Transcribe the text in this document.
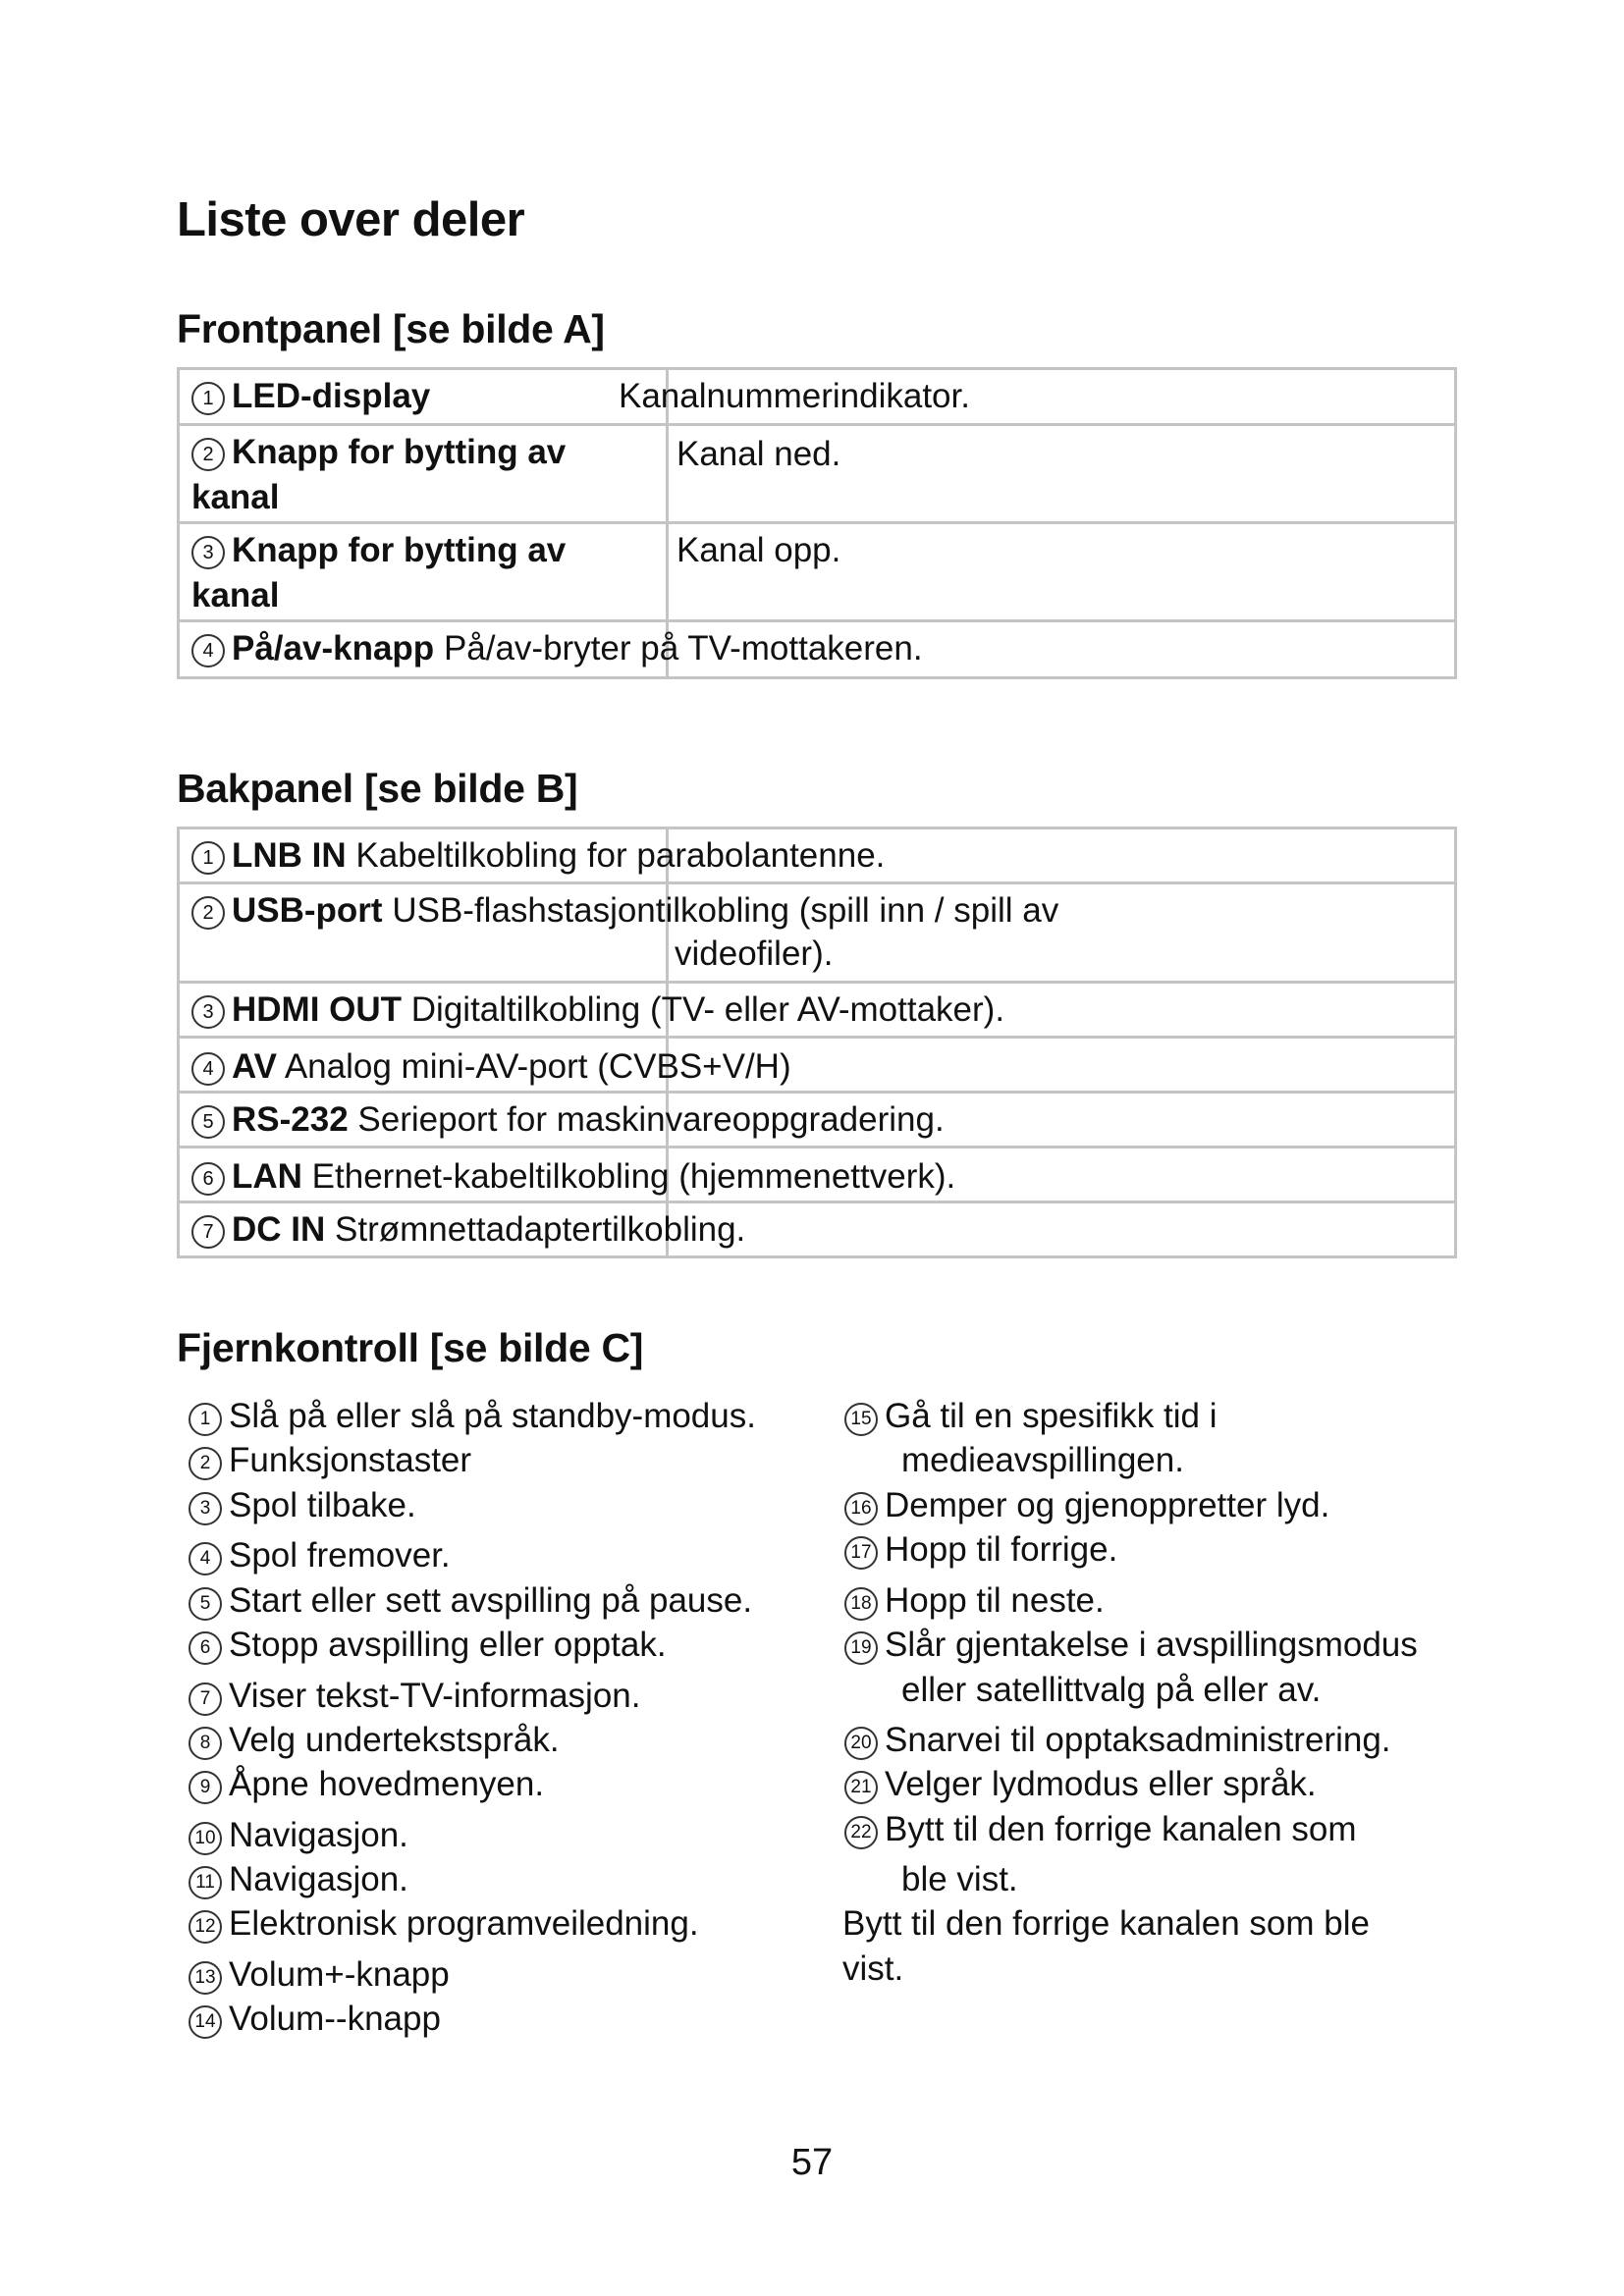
Liste over deler
Frontpanel [se bilde A]
1 LED-display	Kanalnummerindikator.
2 Knapp for bytting av kanal
Kanal ned.
3 Knapp for bytting av kanal
Kanal opp.
4 På/av-knapp På/av-bryter på TV-mottakeren.
Bakpanel [se bilde B]
1 LNB IN Kabeltilkobling for parabolantenne.
2 USB-port USB-flashstasjontilkobling (spill inn / spill av
videofiler).
3 HDMI OUT Digitaltilkobling (TV- eller AV-mottaker).
4 AV Analog mini-AV-port (CVBS+V/H)
5 RS-232 Serieport for maskinvareoppgradering.
6 LAN Ethernet-kabeltilkobling (hjemmenettverk).
7 DC IN Strømnettadaptertilkobling.
Fjernkontroll [se bilde C]
1 Slå på eller slå på standby-modus.
2 Funksjonstaster
3 Spol tilbake.
4 Spol fremover.
5 Start eller sett avspilling på pause.
6 Stopp avspilling eller opptak.
7 Viser tekst-TV-informasjon.
8 Velg undertekstspråk.
9 Åpne hovedmenyen.
10 Navigasjon.
11 Navigasjon.
12 Elektronisk programveiledning.
13 Volum+-knapp
14 Volum--knapp
15 Gå til en spesifikk tid i
medieavspillingen.
16 Demper og gjenoppretter lyd.
17 Hopp til forrige.
18 Hopp til neste.
19 Slår gjentakelse i avspillingsmodus
eller satellittvalg på eller av.
20 Snarvei til opptaksadministrering.
21 Velger lydmodus eller språk.
22 Bytt til den forrige kanalen som
ble vist.
Bytt til den forrige kanalen som ble
vist.
57
